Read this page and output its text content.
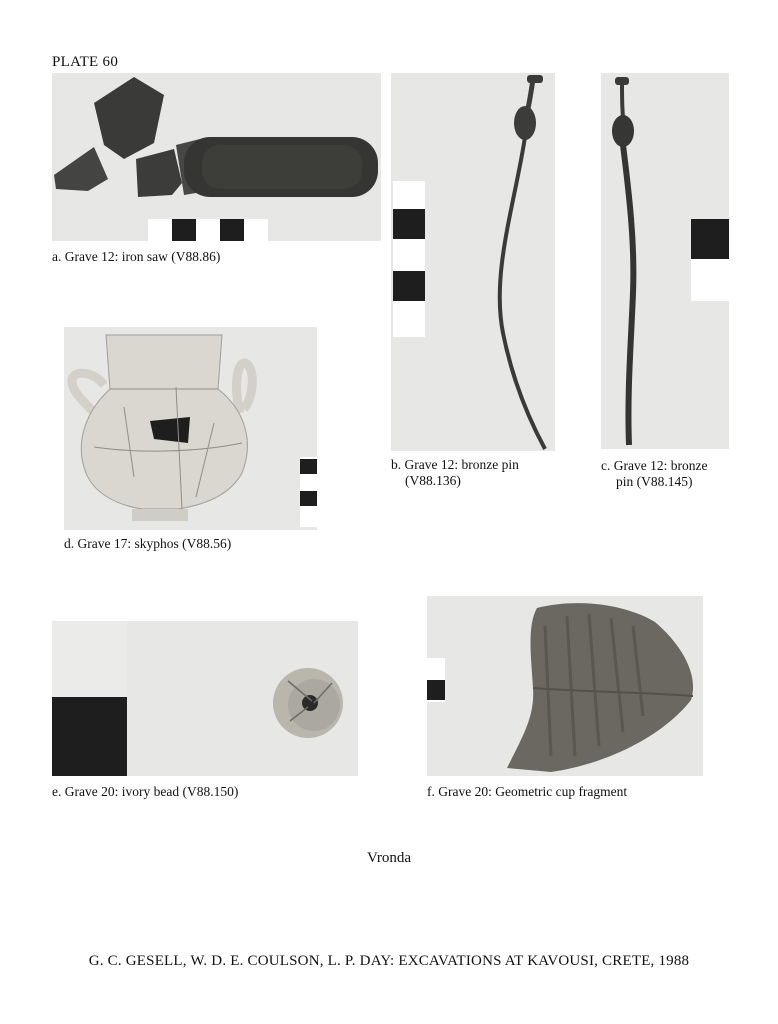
PLATE 60
a. Grave 12: iron saw (V88.86)
b. Grave 12: bronze pin
(V88.136)
c. Grave 12: bronze
pin (V88.145)
d. Grave 17: skyphos (V88.56)
e. Grave 20: ivory bead (V88.150)	f. Grave 20: Geometric cup fragment
Vronda
G. C. GESELL, W. D. E. COULSON, L. P. DAY: EXCAVATIONS AT KAVOUSI, CRETE, 1988
